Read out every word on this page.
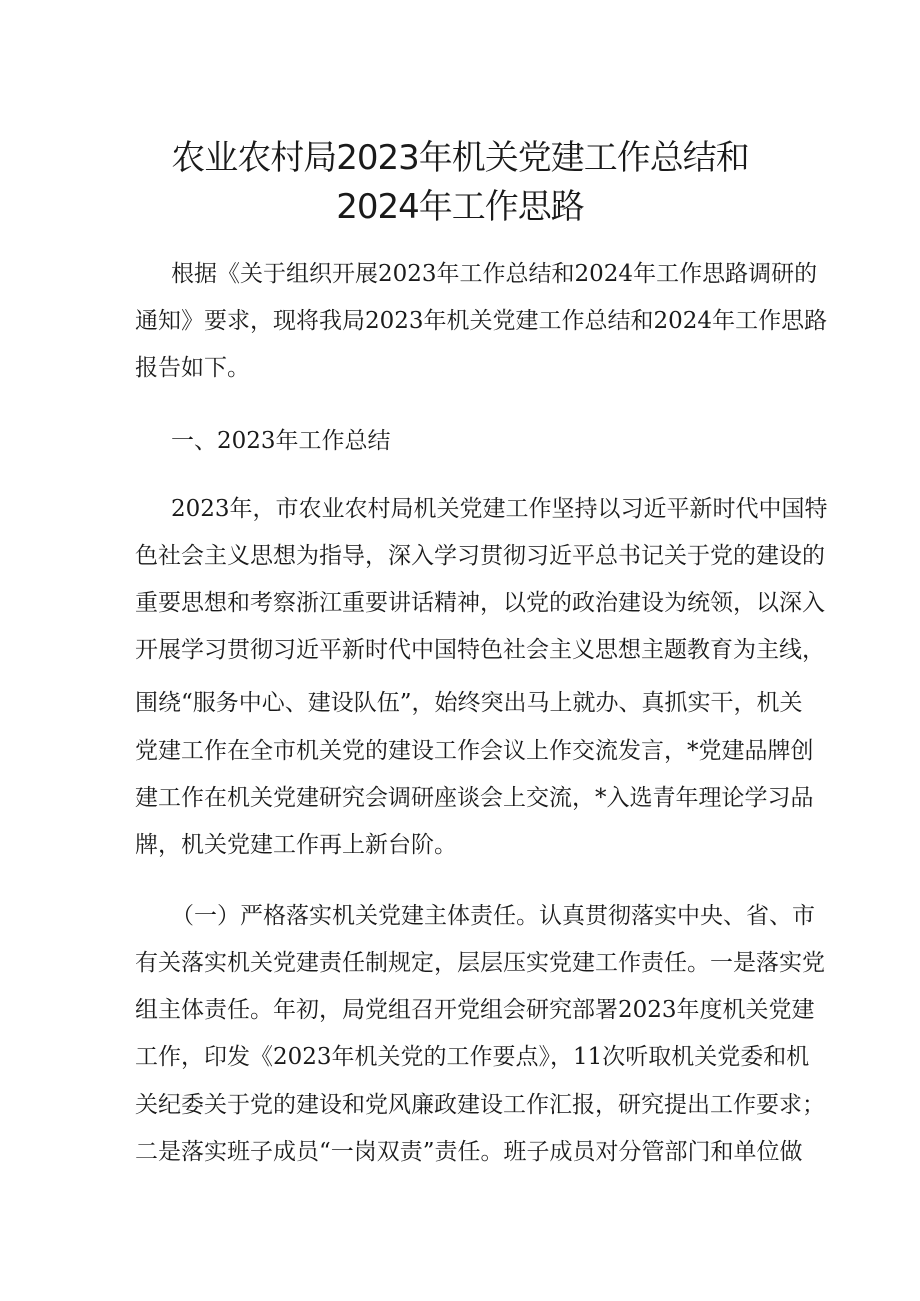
农业农村局2023年机关党建工作总结和
2024年工作思路
根据《关于组织开展2023年工作总结和2024年工作思路调研的
通知》要求，现将我局2023年机关党建工作总结和2024年工作思路
报告如下。
一、2023年工作总结
2023年，市农业农村局机关党建工作坚持以习近平新时代中国特
色社会主义思想为指导，深入学习贯彻习近平总书记关于党的建设的
重要思想和考察浙江重要讲话精神，以党的政治建设为统领，以深入
开展学习贯彻习近平新时代中国特色社会主义思想主题教育为主线，
围绕“服务中心、建设队伍”，始终突出马上就办、真抓实干，机关
党建工作在全市机关党的建设工作会议上作交流发言，*党建品牌创
建工作在机关党建研究会调研座谈会上交流，*入选青年理论学习品
牌，机关党建工作再上新台阶。
（一）严格落实机关党建主体责任。认真贯彻落实中央、省、市
有关落实机关党建责任制规定，层层压实党建工作责任。一是落实党
组主体责任。年初，局党组召开党组会研究部署2023年度机关党建
工作，印发《2023年机关党的工作要点》，11次听取机关党委和机
关纪委关于党的建设和党风廉政建设工作汇报，研究提出工作要求；
二是落实班子成员“一岗双责”责任。班子成员对分管部门和单位做
